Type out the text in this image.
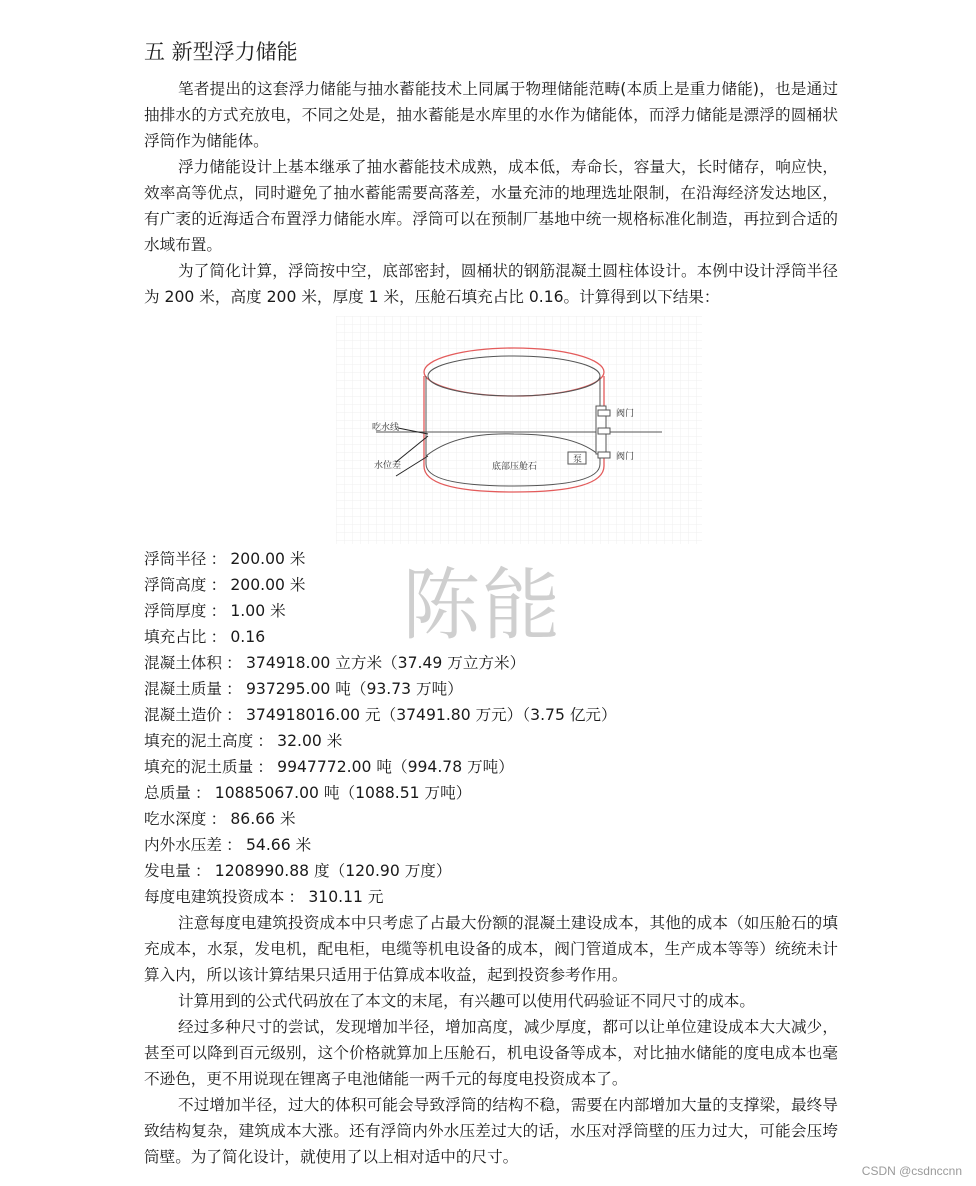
五 新型浮力储能

笔者提出的这套浮力储能与抽水蓄能技术上同属于物理储能范畴(本质上是重力储能)，也是通过抽排水的方式充放电，不同之处是，抽水蓄能是水库里的水作为储能体，而浮力储能是漂浮的圆桶状浮筒作为储能体。

浮力储能设计上基本继承了抽水蓄能技术成熟，成本低，寿命长，容量大，长时储存，响应快，效率高等优点，同时避免了抽水蓄能需要高落差，水量充沛的地理选址限制，在沿海经济发达地区，有广袤的近海适合布置浮力储能水库。浮筒可以在预制厂基地中统一规格标准化制造，再拉到合适的水域布置。

为了简化计算，浮筒按中空，底部密封，圆桶状的钢筋混凝土圆柱体设计。本例中设计浮筒半径为 200 米，高度 200 米，厚度 1 米，压舱石填充占比 0.16。计算得到以下结果：

吃水线
水位差	底部压舱石
泵
阀门
阀门
陈能
浮筒半径 ： 200.00 米
浮筒高度 ： 200.00 米
浮筒厚度 ： 1.00 米
填充占比 ： 0.16
混凝土体积 ： 374918.00 立方米（37.49 万立方米）
混凝土质量 ： 937295.00 吨（93.73 万吨）
混凝土造价 ： 374918016.00 元（37491.80 万元）（3.75 亿元）
填充的泥土高度 ： 32.00 米
填充的泥土质量 ： 9947772.00 吨（994.78 万吨）
总质量 ： 10885067.00 吨（1088.51 万吨）
吃水深度 ： 86.66 米
内外水压差 ： 54.66 米
发电量 ： 1208990.88 度（120.90 万度）
每度电建筑投资成本 ： 310.11 元

注意每度电建筑投资成本中只考虑了占最大份额的混凝土建设成本，其他的成本（如压舱石的填充成本，水泵，发电机，配电柜，电缆等机电设备的成本，阀门管道成本，生产成本等等）统统未计算入内，所以该计算结果只适用于估算成本收益，起到投资参考作用。

计算用到的公式代码放在了本文的末尾，有兴趣可以使用代码验证不同尺寸的成本。

经过多种尺寸的尝试，发现增加半径，增加高度，减少厚度，都可以让单位建设成本大大减少，甚至可以降到百元级别，这个价格就算加上压舱石，机电设备等成本，对比抽水储能的度电成本也毫不逊色，更不用说现在锂离子电池储能一两千元的每度电投资成本了。

不过增加半径，过大的体积可能会导致浮筒的结构不稳，需要在内部增加大量的支撑梁，最终导致结构复杂，建筑成本大涨。还有浮筒内外水压差过大的话，水压对浮筒壁的压力过大，可能会压垮筒壁。为了简化设计，就使用了以上相对适中的尺寸。

CSDN @csdnccnn
